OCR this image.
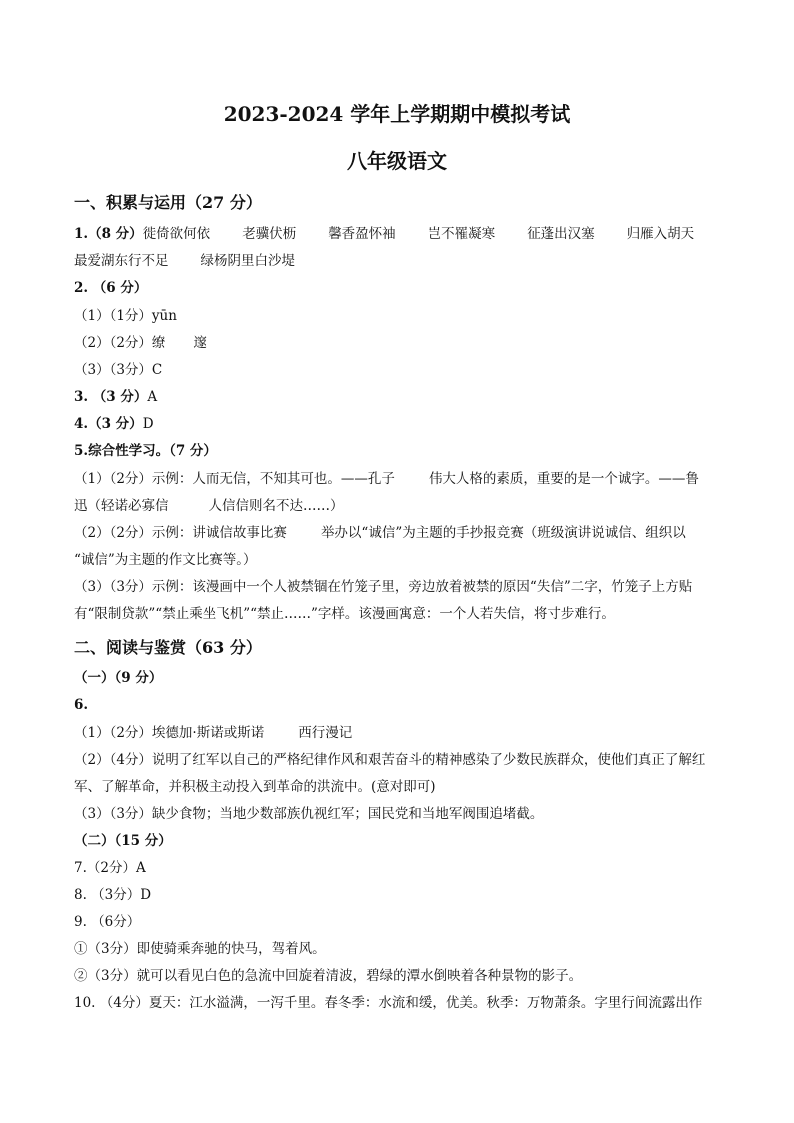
2023-2024 学年上学期期中模拟考试
八年级语文
一、积累与运用（27 分）
1.（8 分）徙倚欲何依 老骥伏枥 馨香盈怀袖 岂不罹凝寒 征蓬出汉塞 归雁入胡天
最爱湖东行不足 绿杨阴里白沙堤
2. （6 分）
（1）（1分）yūn
（2）（2分）缭 邃
（3）（3分）C
3. （3 分）A
4.（3 分）D
5.综合性学习。（7 分）
（1）（2分）示例：人而无信，不知其可也。——孔子	伟大人格的素质，重要的是一个诚字。——鲁
迅（轻诺必寡信	人信信则名不达……）
（2）（2分）示例：讲诚信故事比赛	举办以“诚信”为主题的手抄报竞赛（班级演讲说诚信、组织以
“诚信”为主题的作文比赛等。）
（3）（3分）示例：该漫画中一个人被禁锢在竹笼子里，旁边放着被禁的原因“失信”二字，竹笼子上方贴
有“限制贷款”“禁止乘坐飞机”“禁止……”字样。该漫画寓意：一个人若失信，将寸步难行。
二、阅读与鉴赏（63 分）
（一）（9 分）
6.
（1）（2分）埃德加·斯诺或斯诺	西行漫记
（2）（4分）说明了红军以自己的严格纪律作风和艰苦奋斗的精神感染了少数民族群众，使他们真正了解红
军、了解革命，并积极主动投入到革命的洪流中。(意对即可)
（3）（3分）缺少食物；当地少数部族仇视红军；国民党和当地军阀围追堵截。
（二）（15 分）
7.（2分）A
8. （3分）D
9. （6分）
①（3分）即使骑乘奔驰的快马，驾着风。
②（3分）就可以看见白色的急流中回旋着清波，碧绿的潭水倒映着各种景物的影子。
10. （4分）夏天：江水溢满，一泻千里。春冬季：水流和缓，优美。秋季：万物萧条。字里行间流露出作
